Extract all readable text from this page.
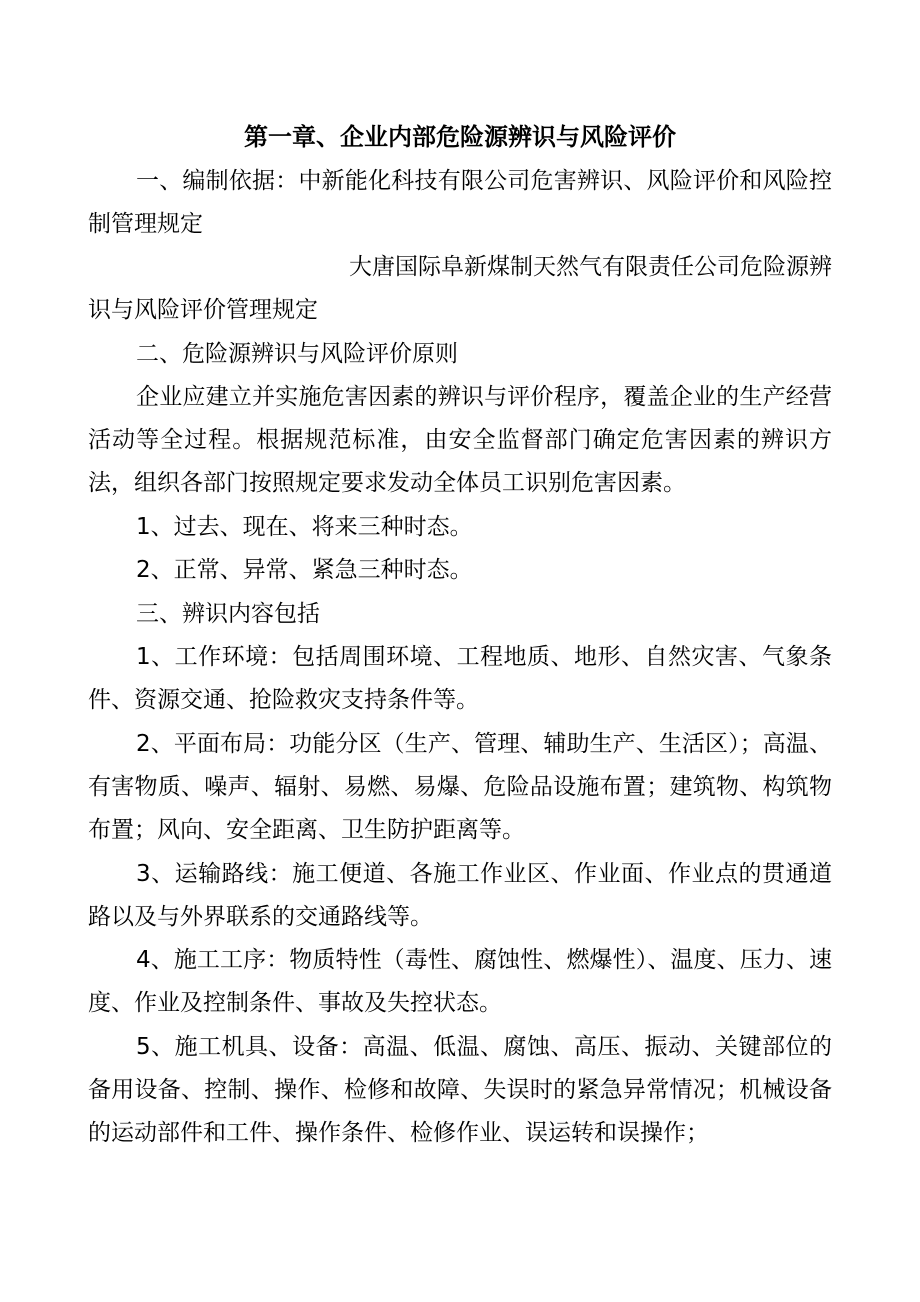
第一章、企业内部危险源辨识与风险评价

一、编制依据：中新能化科技有限公司危害辨识、风险评价和风险控制管理规定

大唐国际阜新煤制天然气有限责任公司危险源辨

识与风险评价管理规定

二、危险源辨识与风险评价原则

企业应建立并实施危害因素的辨识与评价程序，覆盖企业的生产经营活动等全过程。根据规范标准，由安全监督部门确定危害因素的辨识方法，组织各部门按照规定要求发动全体员工识别危害因素。

1、过去、现在、将来三种时态。

2、正常、异常、紧急三种时态。

三、辨识内容包括

1、工作环境：包括周围环境、工程地质、地形、自然灾害、气象条件、资源交通、抢险救灾支持条件等。

2、平面布局：功能分区（生产、管理、辅助生产、生活区）；高温、有害物质、噪声、辐射、易燃、易爆、危险品设施布置；建筑物、构筑物布置；风向、安全距离、卫生防护距离等。

3、运输路线：施工便道、各施工作业区、作业面、作业点的贯通道路以及与外界联系的交通路线等。

4、施工工序：物质特性（毒性、腐蚀性、燃爆性）、温度、压力、速度、作业及控制条件、事故及失控状态。

5、施工机具、设备：高温、低温、腐蚀、高压、振动、关键部位的备用设备、控制、操作、检修和故障、失误时的紧急异常情况；机械设备的运动部件和工件、操作条件、检修作业、误运转和误操作；
